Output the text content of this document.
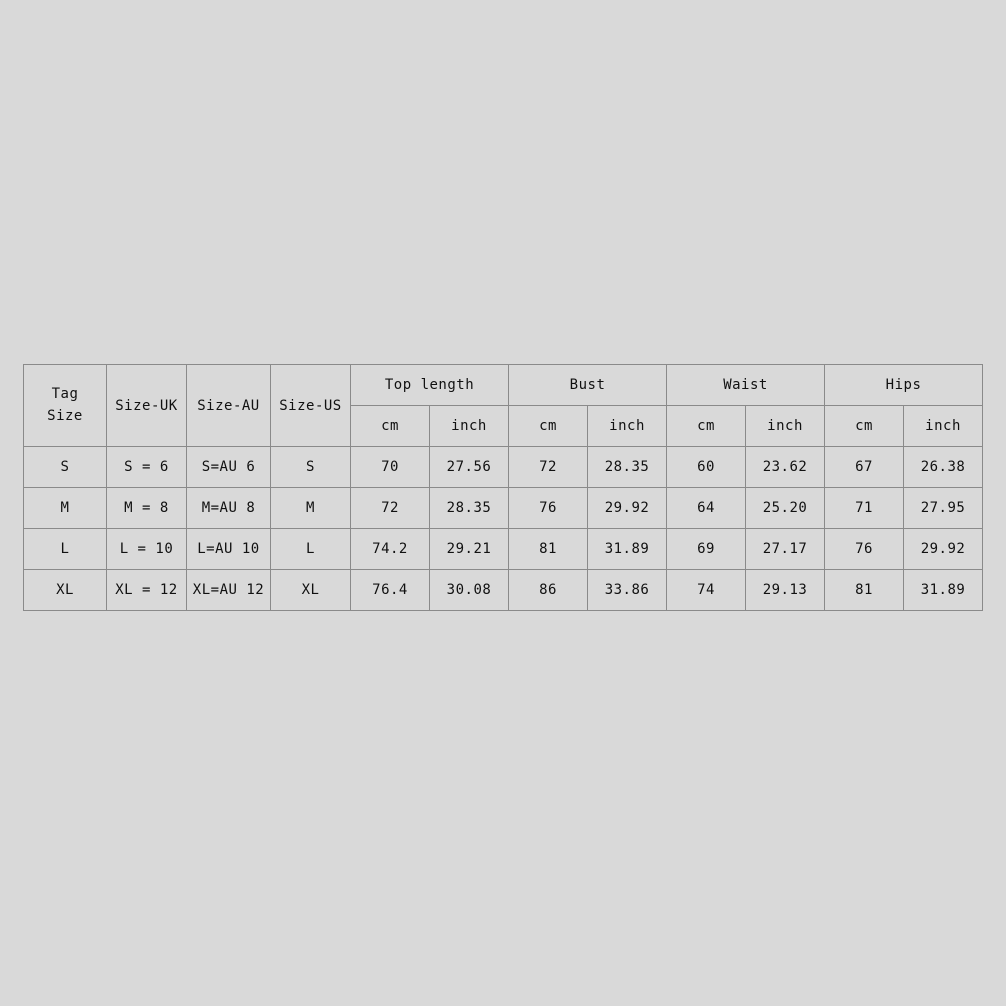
Tag
Size	Size-UK	Size-AU	Size-US	Top length		Bust		Waist		Hips	
				cm	inch	cm	inch	cm	inch	cm	inch
S	S = 6	S=AU 6	S	70	27.56	72	28.35	60	23.62	67	26.38
M	M = 8	M=AU 8	M	72	28.35	76	29.92	64	25.20	71	27.95
L	L = 10	L=AU 10	L	74.2	29.21	81	31.89	69	27.17	76	29.92
XL	XL = 12	XL=AU 12	XL	76.4	30.08	86	33.86	74	29.13	81	31.89
